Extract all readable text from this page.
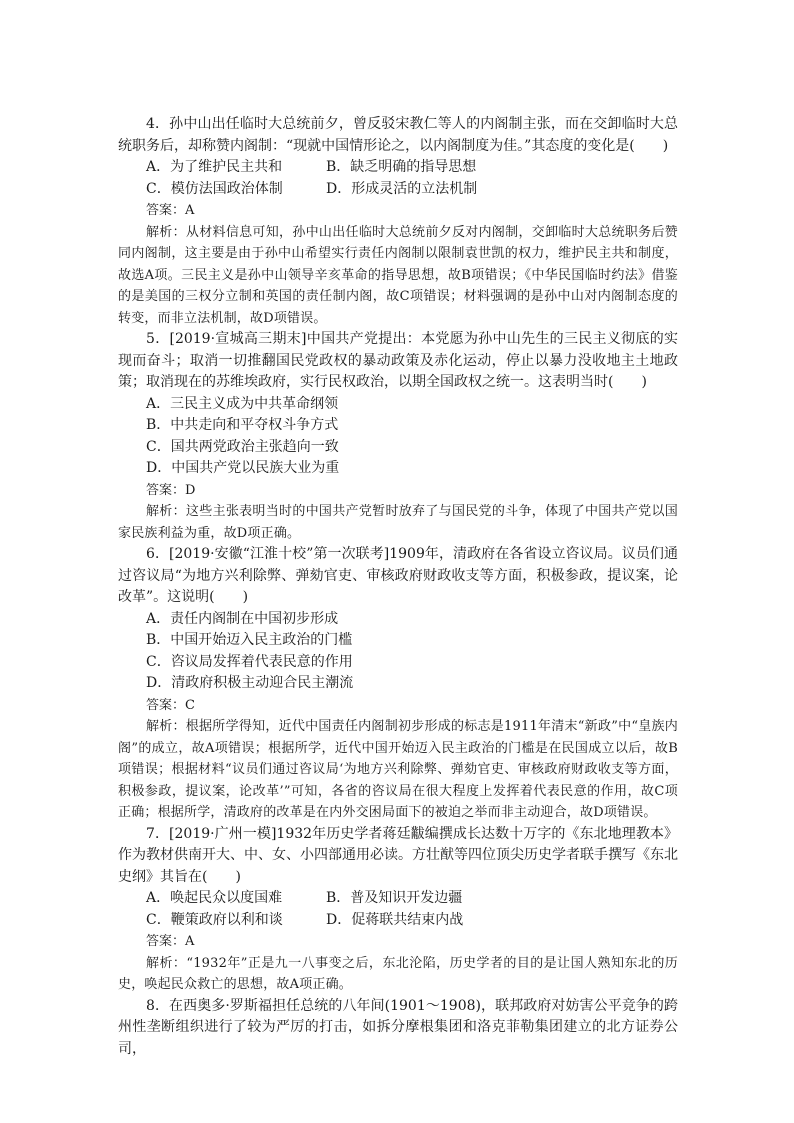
4．孙中山出任临时大总统前夕，曾反驳宋教仁等人的内阁制主张，而在交卸临时大总统职务后，却称赞内阁制：“现就中国情形论之，以内阁制度为佳。”其态度的变化是(　　)

A．为了维护民主共和	B．缺乏明确的指导思想
C．模仿法国政治体制	D．形成灵活的立法机制

答案：A

解析：从材料信息可知，孙中山出任临时大总统前夕反对内阁制，交卸临时大总统职务后赞同内阁制，这主要是由于孙中山希望实行责任内阁制以限制袁世凯的权力，维护民主共和制度，故选A项。三民主义是孙中山领导辛亥革命的指导思想，故B项错误；《中华民国临时约法》借鉴的是美国的三权分立制和英国的责任制内阁，故C项错误；材料强调的是孙中山对内阁制态度的转变，而非立法机制，故D项错误。

5．[2019·宣城高三期末]中国共产党提出：本党愿为孙中山先生的三民主义彻底的实现而奋斗；取消一切推翻国民党政权的暴动政策及赤化运动，停止以暴力没收地主土地政策；取消现在的苏维埃政府，实行民权政治，以期全国政权之统一。这表明当时(　　)

A．三民主义成为中共革命纲领

B．中共走向和平夺权斗争方式

C．国共两党政治主张趋向一致

D．中国共产党以民族大业为重

答案：D

解析：这些主张表明当时的中国共产党暂时放弃了与国民党的斗争，体现了中国共产党以国家民族利益为重，故D项正确。

6．[2019·安徽“江淮十校”第一次联考]1909年，清政府在各省设立咨议局。议员们通过咨议局“为地方兴利除弊、弹劾官吏、审核政府财政收支等方面，积极参政，提议案，论改革”。这说明(　　)

A．责任内阁制在中国初步形成

B．中国开始迈入民主政治的门槛

C．咨议局发挥着代表民意的作用

D．清政府积极主动迎合民主潮流

答案：C

解析：根据所学得知，近代中国责任内阁制初步形成的标志是1911年清末“新政”中“皇族内阁”的成立，故A项错误；根据所学，近代中国开始迈入民主政治的门槛是在民国成立以后，故B项错误；根据材料“议员们通过咨议局‘为地方兴利除弊、弹劾官吏、审核政府财政收支等方面，积极参政，提议案，论改革’”可知，各省的咨议局在很大程度上发挥着代表民意的作用，故C项正确；根据所学，清政府的改革是在内外交困局面下的被迫之举而非主动迎合，故D项错误。

7．[2019·广州一模]1932年历史学者蒋廷黻编撰成长达数十万字的《东北地理教本》作为教材供南开大、中、女、小四部通用必读。方壮猷等四位顶尖历史学者联手撰写《东北史纲》其旨在(　　)

A．唤起民众以度国难	B．普及知识开发边疆
C．鞭策政府以利和谈	D．促蒋联共结束内战

答案：A

解析：“1932年”正是九一八事变之后，东北沦陷，历史学者的目的是让国人熟知东北的历史，唤起民众救亡的思想，故A项正确。

8．在西奥多·罗斯福担任总统的八年间(1901～1908)，联邦政府对妨害公平竞争的跨州性垄断组织进行了较为严厉的打击，如拆分摩根集团和洛克菲勒集团建立的北方证券公司，
